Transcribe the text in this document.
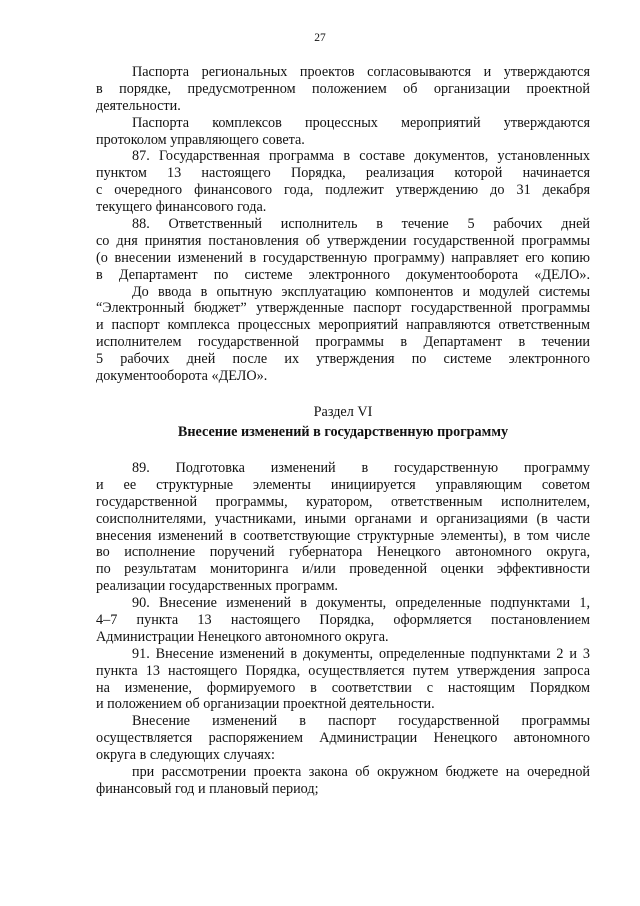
27
Паспорта региональных проектов согласовываются и утверждаются
в порядке, предусмотренном положением об организации проектной
деятельности.
Паспорта комплексов процессных мероприятий утверждаются
протоколом управляющего совета.
87. Государственная программа в составе документов, установленных
пунктом 13 настоящего Порядка, реализация которой начинается
с очередного финансового года, подлежит утверждению до 31 декабря
текущего финансового года.
88. Ответственный исполнитель в течение 5 рабочих дней
со дня принятия постановления об утверждении государственной программы
(о внесении изменений в государственную программу) направляет его копию
в Департамент по системе электронного документооборота «ДЕЛО».
До ввода в опытную эксплуатацию компонентов и модулей системы
“Электронный бюджет” утвержденные паспорт государственной программы
и паспорт комплекса процессных мероприятий направляются ответственным
исполнителем государственной программы в Департамент в течении
5 рабочих дней после их утверждения по системе электронного
документооборота «ДЕЛО».
Раздел VI
Внесение изменений в государственную программу
89. Подготовка изменений в государственную программу
и ее структурные элементы инициируется управляющим советом
государственной программы, куратором, ответственным исполнителем,
соисполнителями, участниками, иными органами и организациями (в части
внесения изменений в соответствующие структурные элементы), в том числе
во исполнение поручений губернатора Ненецкого автономного округа,
по результатам мониторинга и/или проведенной оценки эффективности
реализации государственных программ.
90. Внесение изменений в документы, определенные подпунктами 1,
4–7 пункта 13 настоящего Порядка, оформляется постановлением
Администрации Ненецкого автономного округа.
91. Внесение изменений в документы, определенные подпунктами 2 и 3
пункта 13 настоящего Порядка, осуществляется путем утверждения запроса
на изменение, формируемого в соответствии с настоящим Порядком
и положением об организации проектной деятельности.
Внесение изменений в паспорт государственной программы
осуществляется распоряжением Администрации Ненецкого автономного
округа в следующих случаях:
при рассмотрении проекта закона об окружном бюджете на очередной
финансовый год и плановый период;
